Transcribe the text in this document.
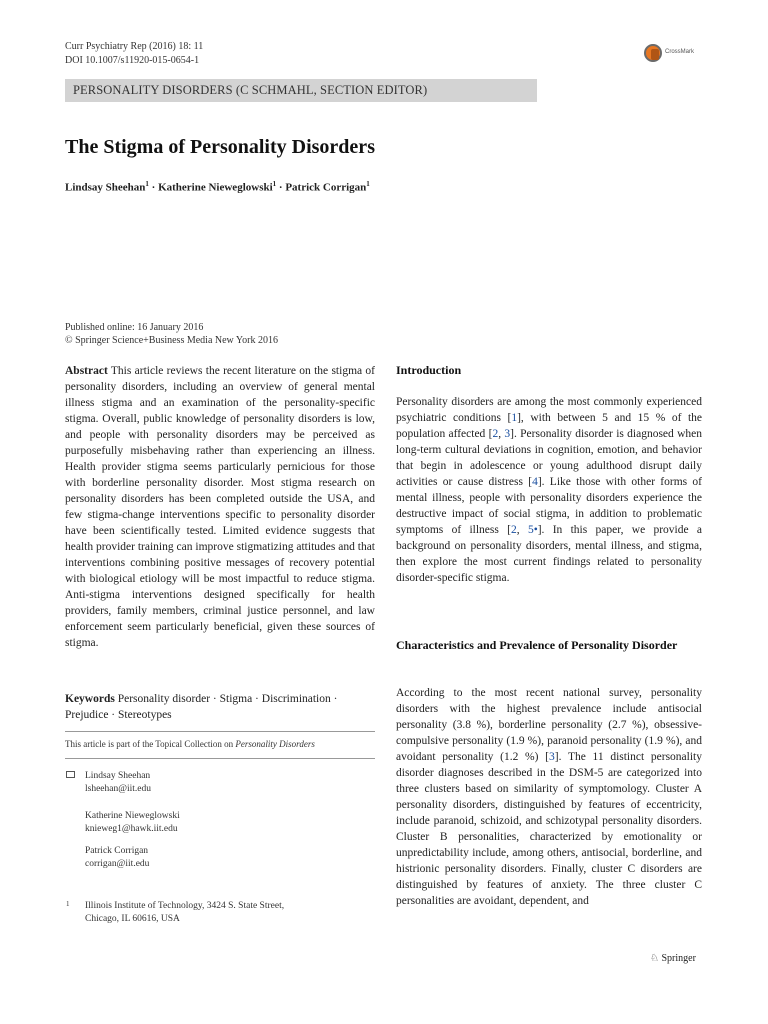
Curr Psychiatry Rep (2016) 18: 11
DOI 10.1007/s11920-015-0654-1
CrossMark
PERSONALITY DISORDERS (C SCHMAHL, SECTION EDITOR)
The Stigma of Personality Disorders
Lindsay Sheehan$^1$ · Katherine Nieweglowski$^1$ · Patrick Corrigan$^1$
Published online: 16 January 2016
© Springer Science+Business Media New York 2016

Abstract This article reviews the recent literature on the stigma of personality disorders, including an overview of general mental illness stigma and an examination of the personality-specific stigma. Overall, public knowledge of personality disorders is low, and people with personality disorders may be perceived as purposefully misbehaving rather than experiencing an illness. Health provider stigma seems particularly pernicious for those with borderline personality disorder. Most stigma research on personality disorders has been completed outside the USA, and few stigma-change interventions specific to personality disorder have been scientifically tested. Limited evidence suggests that health provider training can improve stigmatizing attitudes and that interventions combining positive messages of recovery potential with biological etiology will be most impactful to reduce stigma. Anti-stigma interventions designed specifically for health providers, family members, criminal justice personnel, and law enforcement seem particularly beneficial, given these sources of stigma.

Keywords Personality disorder · Stigma · Discrimination · Prejudice · Stereotypes

This article is part of the Topical Collection on Personality Disorders
Lindsay Sheehan
lsheehan@iit.edu
Katherine Nieweglowski
knieweg1@hawk.iit.edu
Patrick Corrigan
corrigan@iit.edu
1 Illinois Institute of Technology, 3424 S. State Street,
Chicago, IL 60616, USA
Introduction

Personality disorders are among the most commonly experienced psychiatric conditions [1], with between 5 and 15 % of the population affected [2, 3]. Personality disorder is diagnosed when long-term cultural deviations in cognition, emotion, and behavior that begin in adolescence or young adulthood disrupt daily activities or cause distress [4]. Like those with other forms of mental illness, people with personality disorders experience the destructive impact of social stigma, in addition to problematic symptoms of illness [2, 5•]. In this paper, we provide a background on personality disorders, mental illness, and stigma, then explore the most current findings related to personality disorder-specific stigma.

Characteristics and Prevalence of Personality Disorder

According to the most recent national survey, personality disorders with the highest prevalence include antisocial personality (3.8 %), borderline personality (2.7 %), obsessive-compulsive personality (1.9 %), paranoid personality (1.9 %), and avoidant personality (1.2 %) [3]. The 11 distinct personality disorder diagnoses described in the DSM-5 are categorized into three clusters based on similarity of symptomology. Cluster A personality disorders, distinguished by features of eccentricity, include paranoid, schizoid, and schizotypal personality disorders. Cluster B personalities, characterized by emotionality or unpredictability include, among others, antisocial, borderline, and histrionic personality disorders. Finally, cluster C disorders are distinguished by features of anxiety. The three cluster C personalities are avoidant, dependent, and

♘ Springer
